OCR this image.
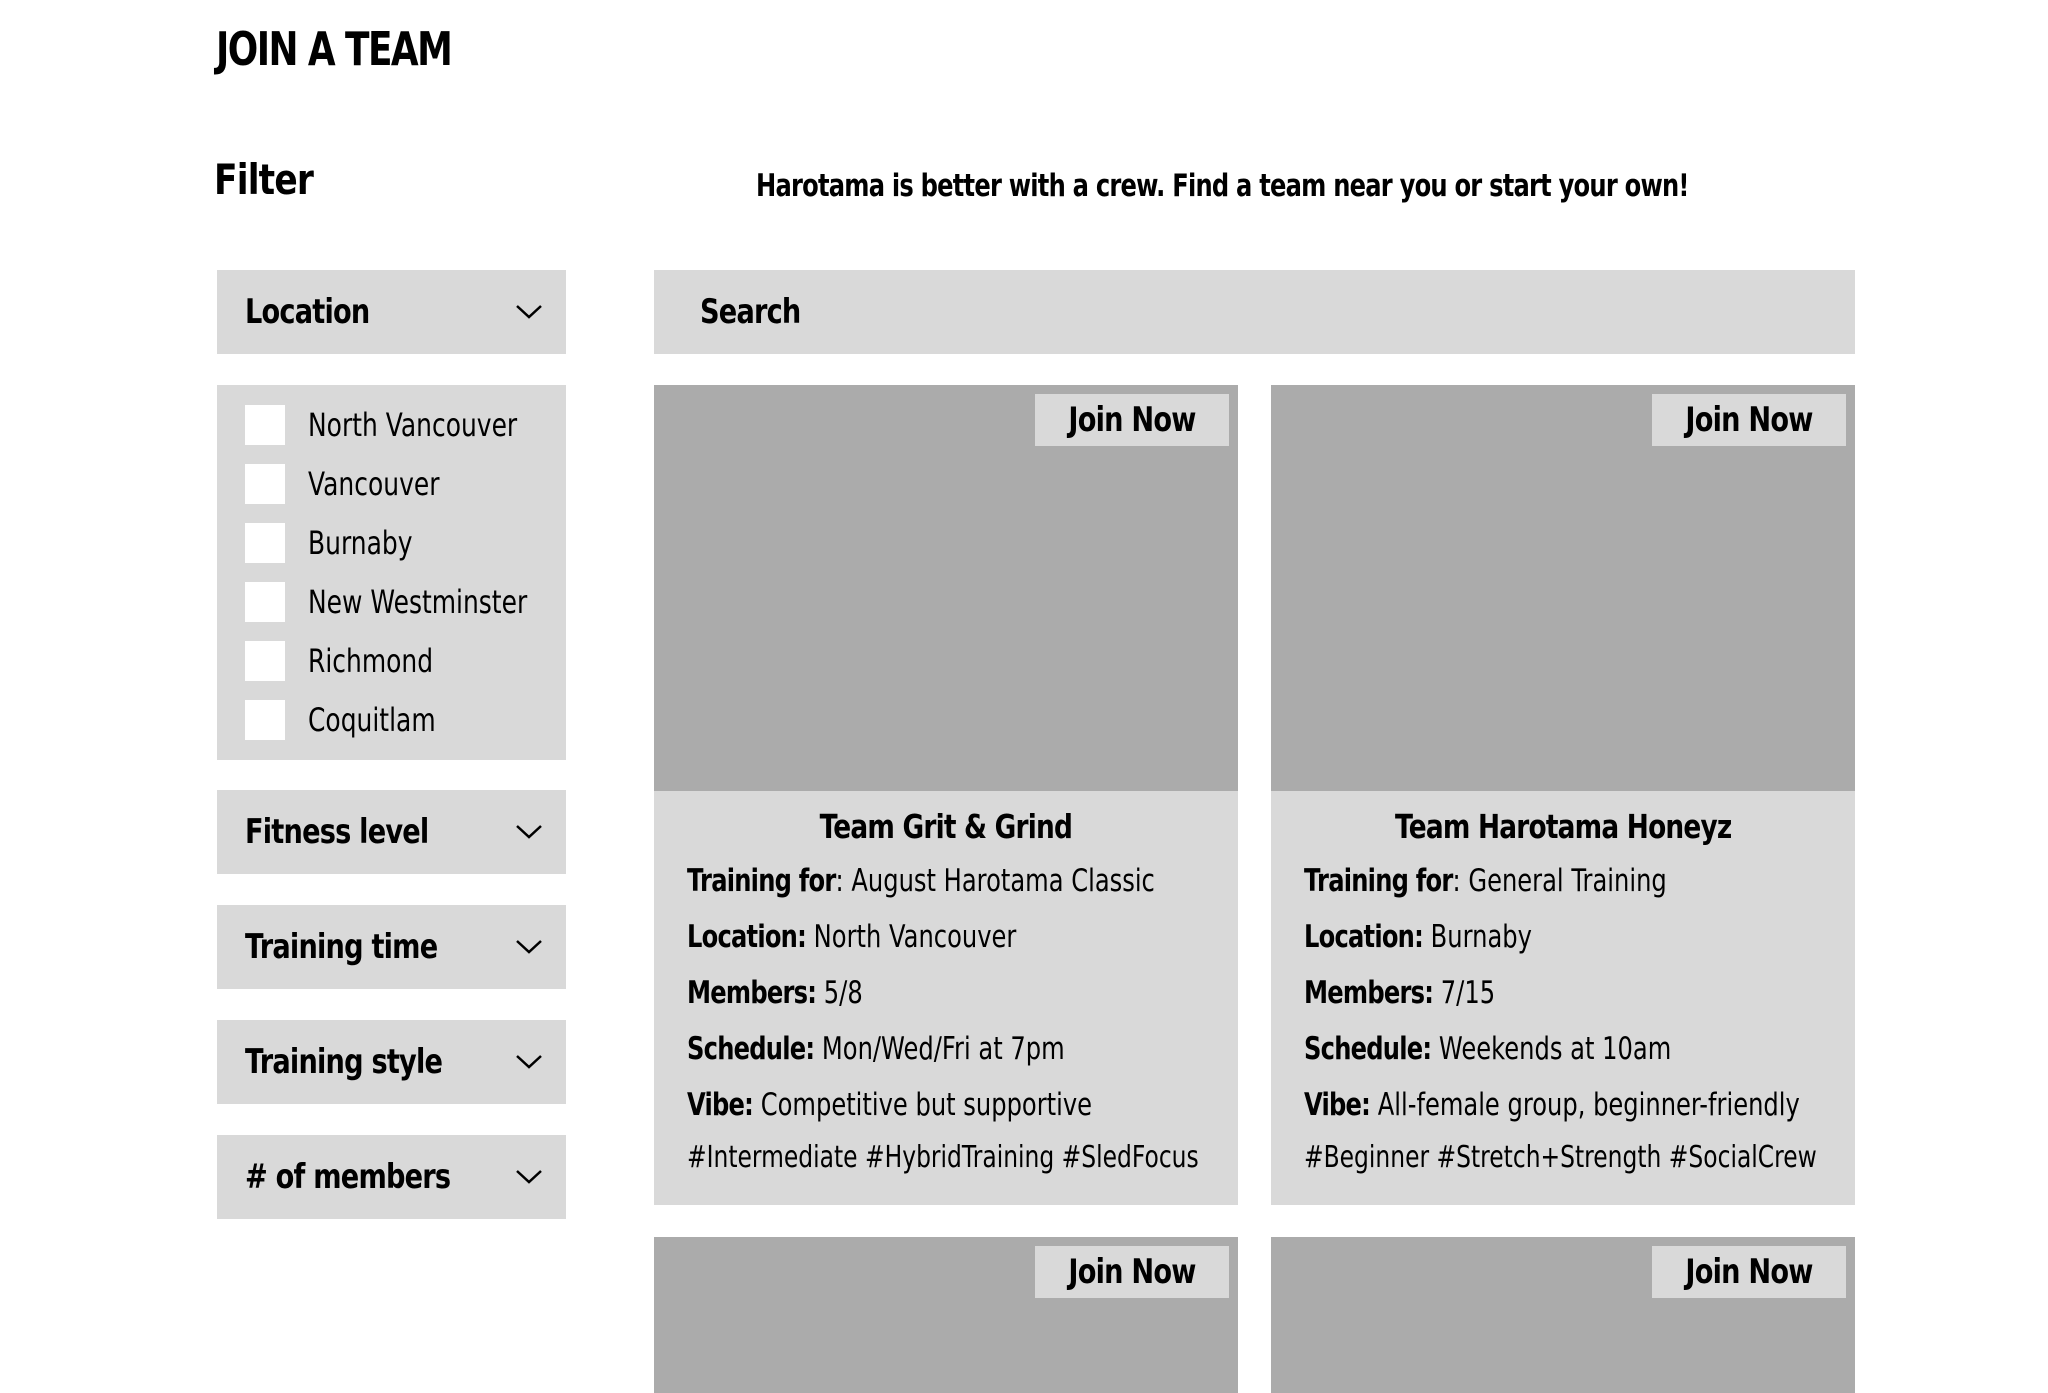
JOIN A TEAM
Filter	Harotama is better with a crew. Find a team near you or start your own!
Location
North Vancouver
Vancouver
Burnaby
New Westminster
Richmond
Coquitlam
Fitness level
Training time
Training style
# of members
Search
Join Now
Team Grit & Grind
Training for: August Harotama Classic
Location: North Vancouver
Members: 5/8
Schedule: Mon/Wed/Fri at 7pm
Vibe: Competitive but supportive
#Intermediate #HybridTraining #SledFocus
Join Now
Team Harotama Honeyz
Training for: General Training
Location: Burnaby
Members: 7/15
Schedule: Weekends at 10am
Vibe: All-female group, beginner-friendly
#Beginner #Stretch+Strength #SocialCrew
Join Now	Join Now
